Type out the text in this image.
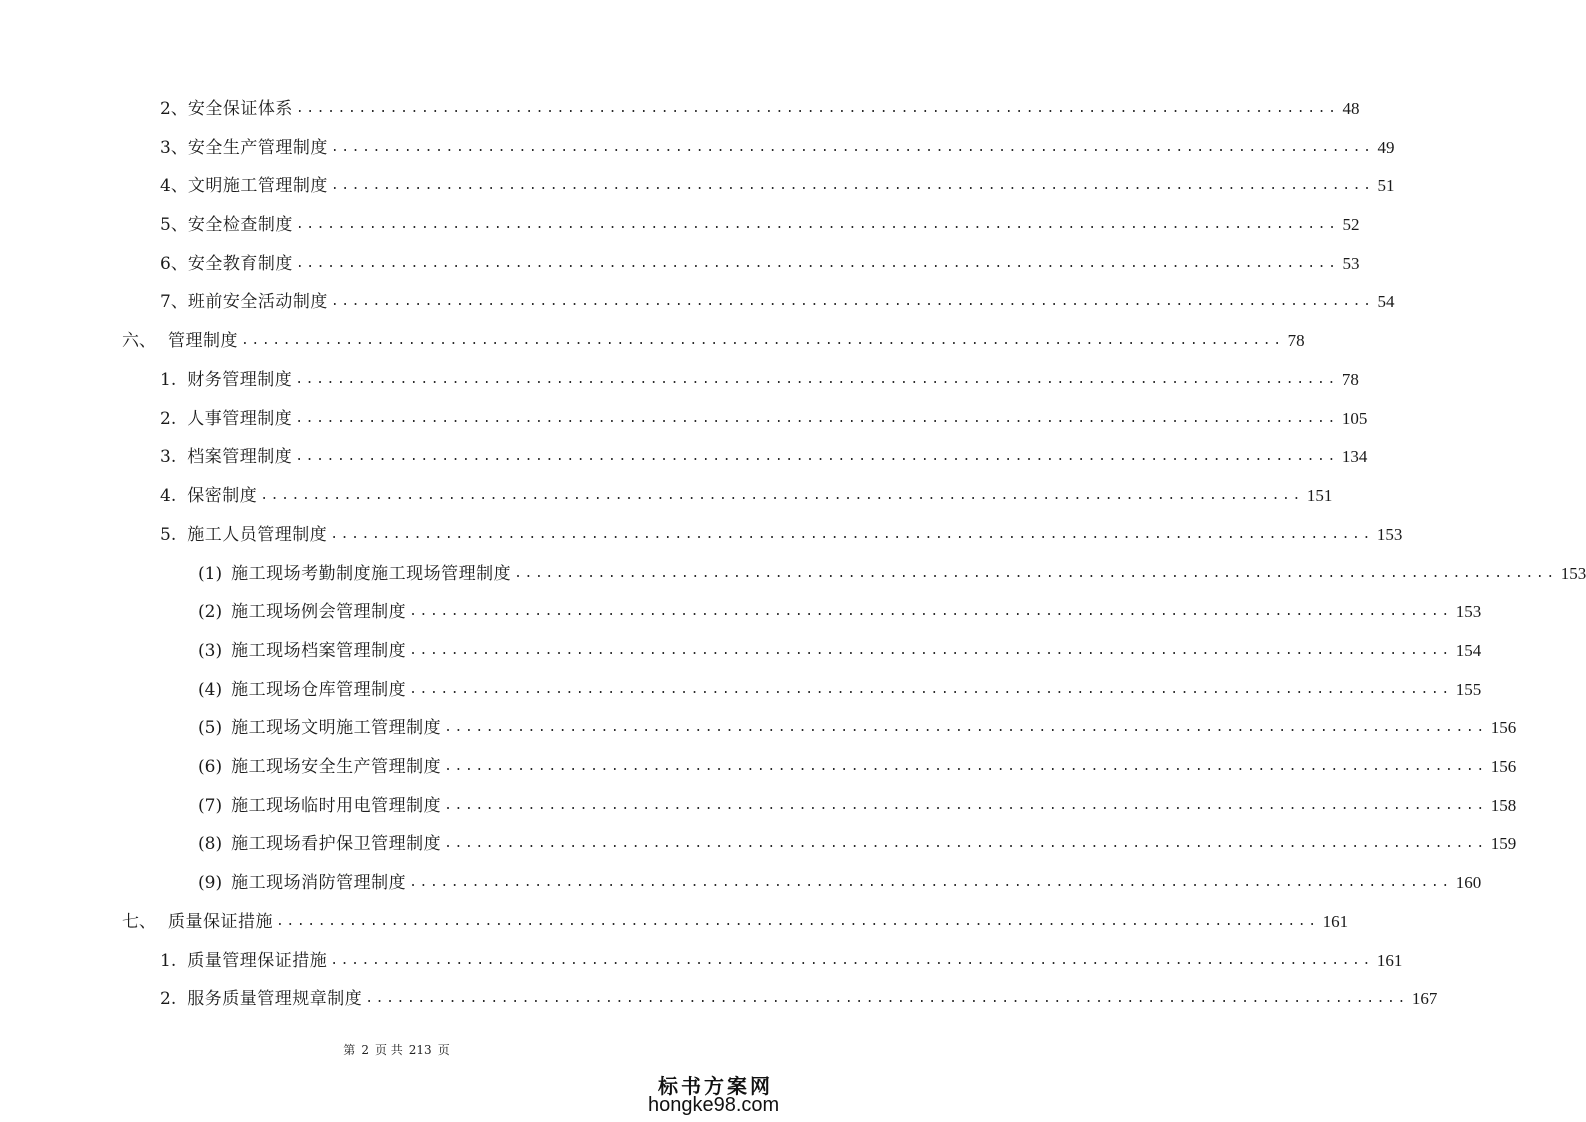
2、 安全保证体系 .................................................................................................... 48
3、 安全生产管理制度 .................................................................................................... 49
4、 文明施工管理制度 .................................................................................................... 51
5、 安全检查制度 .................................................................................................... 52
6、 安全教育制度 .................................................................................................... 53
7、 班前安全活动制度 .................................................................................................... 54
六、 管理制度 .................................................................................................... 78
1. 财务管理制度 .................................................................................................... 78
2. 人事管理制度 .................................................................................................... 105
3. 档案管理制度 .................................................................................................... 134
4. 保密制度 .................................................................................................... 151
5. 施工人员管理制度 .................................................................................................... 153
(1) 施工现场考勤制度施工现场管理制度 .................................................................................................... 153
(2) 施工现场例会管理制度 .................................................................................................... 153
(3) 施工现场档案管理制度 .................................................................................................... 154
(4) 施工现场仓库管理制度 .................................................................................................... 155
(5) 施工现场文明施工管理制度 .................................................................................................... 156
(6) 施工现场安全生产管理制度 .................................................................................................... 156
(7) 施工现场临时用电管理制度 .................................................................................................... 158
(8) 施工现场看护保卫管理制度 .................................................................................................... 159
(9) 施工现场消防管理制度 .................................................................................................... 160
七、 质量保证措施 .................................................................................................... 161
1. 质量管理保证措施 .................................................................................................... 161
2. 服务质量管理规章制度 .................................................................................................... 167
第 2 页 共 213 页
标书方案网
hongke98.com
